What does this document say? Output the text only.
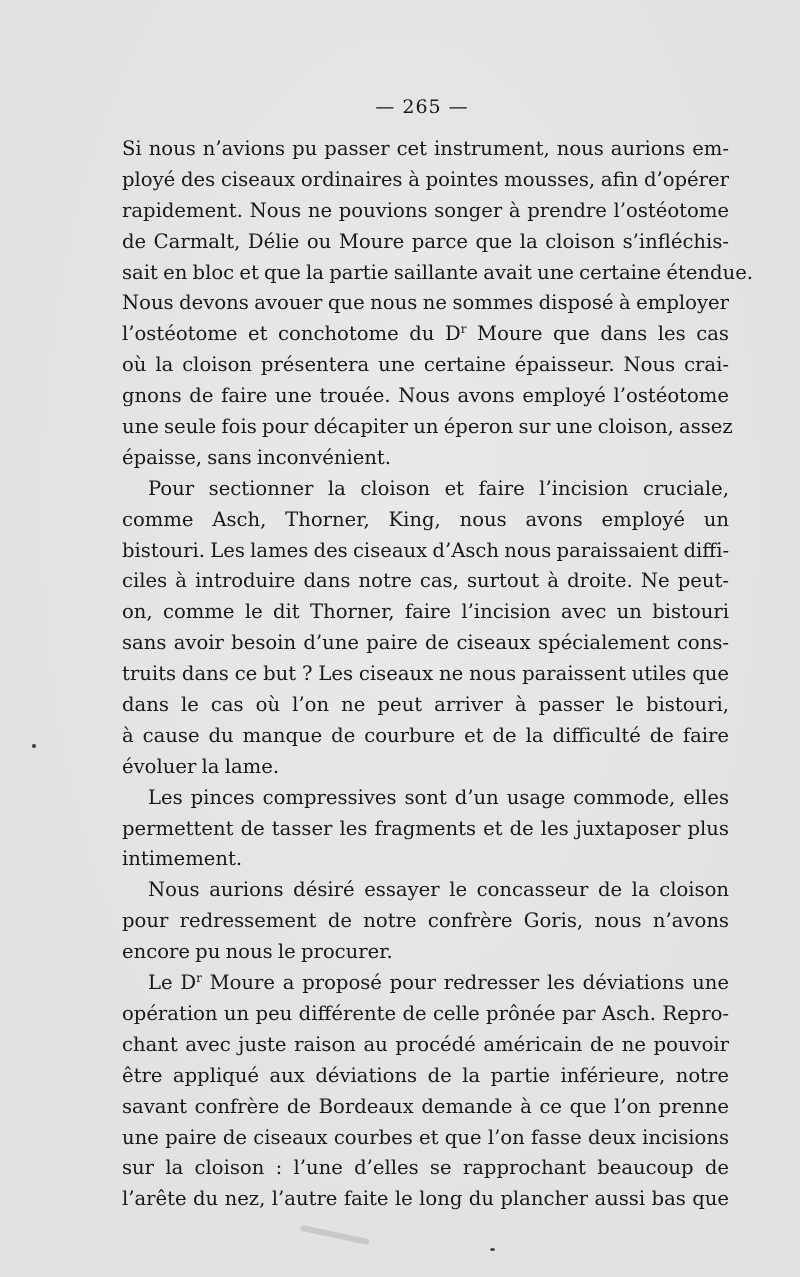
— 265 —
Si nous n’avions pu passer cet instrument, nous aurions em-
ployé des ciseaux ordinaires à pointes mousses, afin d’opérer
rapidement. Nous ne pouvions songer à prendre l’ostéotome
de Carmalt, Délie ou Moure parce que la cloison s’infléchis-
sait en bloc et que la partie saillante avait une certaine étendue.
Nous devons avouer que nous ne sommes disposé à employer
l’ostéotome et conchotome du $D^r$ Moure que dans les cas
où la cloison présentera une certaine épaisseur. Nous crai-
gnons de faire une trouée. Nous avons employé l’ostéotome
une seule fois pour décapiter un éperon sur une cloison, assez
épaisse, sans inconvénient.
Pour sectionner la cloison et faire l’incision cruciale,
comme Asch, Thorner, King, nous avons employé un
bistouri. Les lames des ciseaux d’Asch nous paraissaient diffi-
ciles à introduire dans notre cas, surtout à droite. Ne peut-
on, comme le dit Thorner, faire l’incision avec un bistouri
sans avoir besoin d’une paire de ciseaux spécialement cons-
truits dans ce but ? Les ciseaux ne nous paraissent utiles que
dans le cas où l’on ne peut arriver à passer le bistouri,
à cause du manque de courbure et de la difficulté de faire
évoluer la lame.
Les pinces compressives sont d’un usage commode, elles
permettent de tasser les fragments et de les juxtaposer plus
intimement.
Nous aurions désiré essayer le concasseur de la cloison
pour redressement de notre confrère Goris, nous n’avons
encore pu nous le procurer.
Le $D^r$ Moure a proposé pour redresser les déviations une
opération un peu différente de celle prônée par Asch. Repro-
chant avec juste raison au procédé américain de ne pouvoir
être appliqué aux déviations de la partie inférieure, notre
savant confrère de Bordeaux demande à ce que l’on prenne
une paire de ciseaux courbes et que l’on fasse deux incisions
sur la cloison : l’une d’elles se rapprochant beaucoup de
l’arête du nez, l’autre faite le long du plancher aussi bas que
